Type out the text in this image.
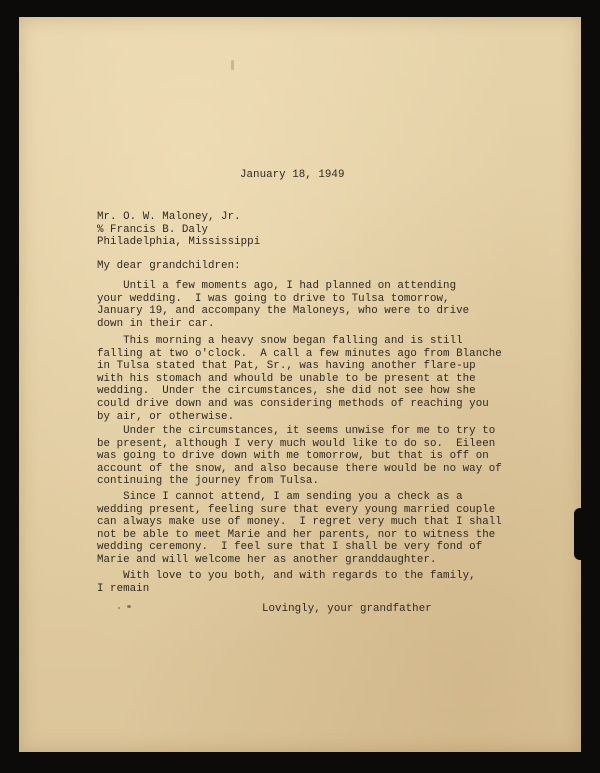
January 18, 1949

Mr. O. W. Maloney, Jr.
% Francis B. Daly
Philadelphia, Mississippi

My dear grandchildren:

Until a few moments ago, I had planned on attending
your wedding.  I was going to drive to Tulsa tomorrow,
January 19, and accompany the Maloneys, who were to drive
down in their car.
This morning a heavy snow began falling and is still
falling at two o'clock.  A call a few minutes ago from Blanche
in Tulsa stated that Pat, Sr., was having another flare-up
with his stomach and whould be unable to be present at the
wedding.  Under the circumstances, she did not see how she
could drive down and was considering methods of reaching you
by air, or otherwise.
Under the circumstances, it seems unwise for me to try to
be present, although I very much would like to do so.  Eileen
was going to drive down with me tomorrow, but that is off on
account of the snow, and also because there would be no way of
continuing the journey from Tulsa.
Since I cannot attend, I am sending you a check as a
wedding present, feeling sure that every young married couple
can always make use of money.  I regret very much that I shall
not be able to meet Marie and her parents, nor to witness the
wedding ceremony.  I feel sure that I shall be very fond of
Marie and will welcome her as another granddaughter.
With love to you both, and with regards to the family,
I remain

Lovingly, your grandfather
